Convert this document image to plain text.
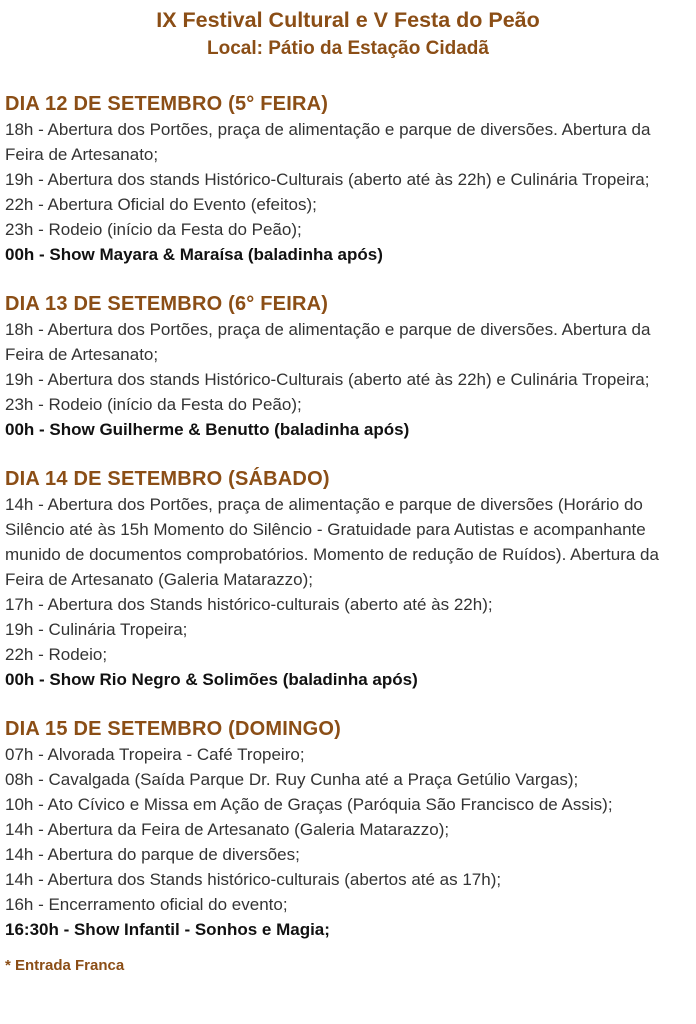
IX Festival Cultural e V Festa do Peão
Local: Pátio da Estação Cidadã
DIA 12 DE SETEMBRO (5° FEIRA)

18h - Abertura dos Portões, praça de alimentação e parque de diversões. Abertura da Feira de Artesanato;

19h - Abertura dos stands Histórico-Culturais (aberto até às 22h) e Culinária Tropeira;

22h - Abertura Oficial do Evento (efeitos);

23h - Rodeio (início da Festa do Peão);

00h - Show Mayara & Maraísa (baladinha após)

DIA 13 DE SETEMBRO (6° FEIRA)

18h - Abertura dos Portões, praça de alimentação e parque de diversões. Abertura da Feira de Artesanato;

19h - Abertura dos stands Histórico-Culturais (aberto até às 22h) e Culinária Tropeira;

23h - Rodeio (início da Festa do Peão);

00h - Show Guilherme & Benutto (baladinha após)

DIA 14 DE SETEMBRO (SÁBADO)

14h - Abertura dos Portões, praça de alimentação e parque de diversões (Horário do Silêncio até às 15h Momento do Silêncio - Gratuidade para Autistas e acompanhante munido de documentos comprobatórios. Momento de redução de Ruídos). Abertura da Feira de Artesanato (Galeria Matarazzo);

17h - Abertura dos Stands histórico-culturais (aberto até às 22h);

19h - Culinária Tropeira;

22h - Rodeio;

00h - Show Rio Negro & Solimões (baladinha após)

DIA 15 DE SETEMBRO (DOMINGO)

07h - Alvorada Tropeira - Café Tropeiro;

08h - Cavalgada (Saída Parque Dr. Ruy Cunha até a Praça Getúlio Vargas);

10h - Ato Cívico e Missa em Ação de Graças (Paróquia São Francisco de Assis);

14h - Abertura da Feira de Artesanato (Galeria Matarazzo);

14h - Abertura do parque de diversões;

14h - Abertura dos Stands histórico-culturais (abertos até as 17h);

16h - Encerramento oficial do evento;

16:30h - Show Infantil - Sonhos e Magia;

* Entrada Franca
